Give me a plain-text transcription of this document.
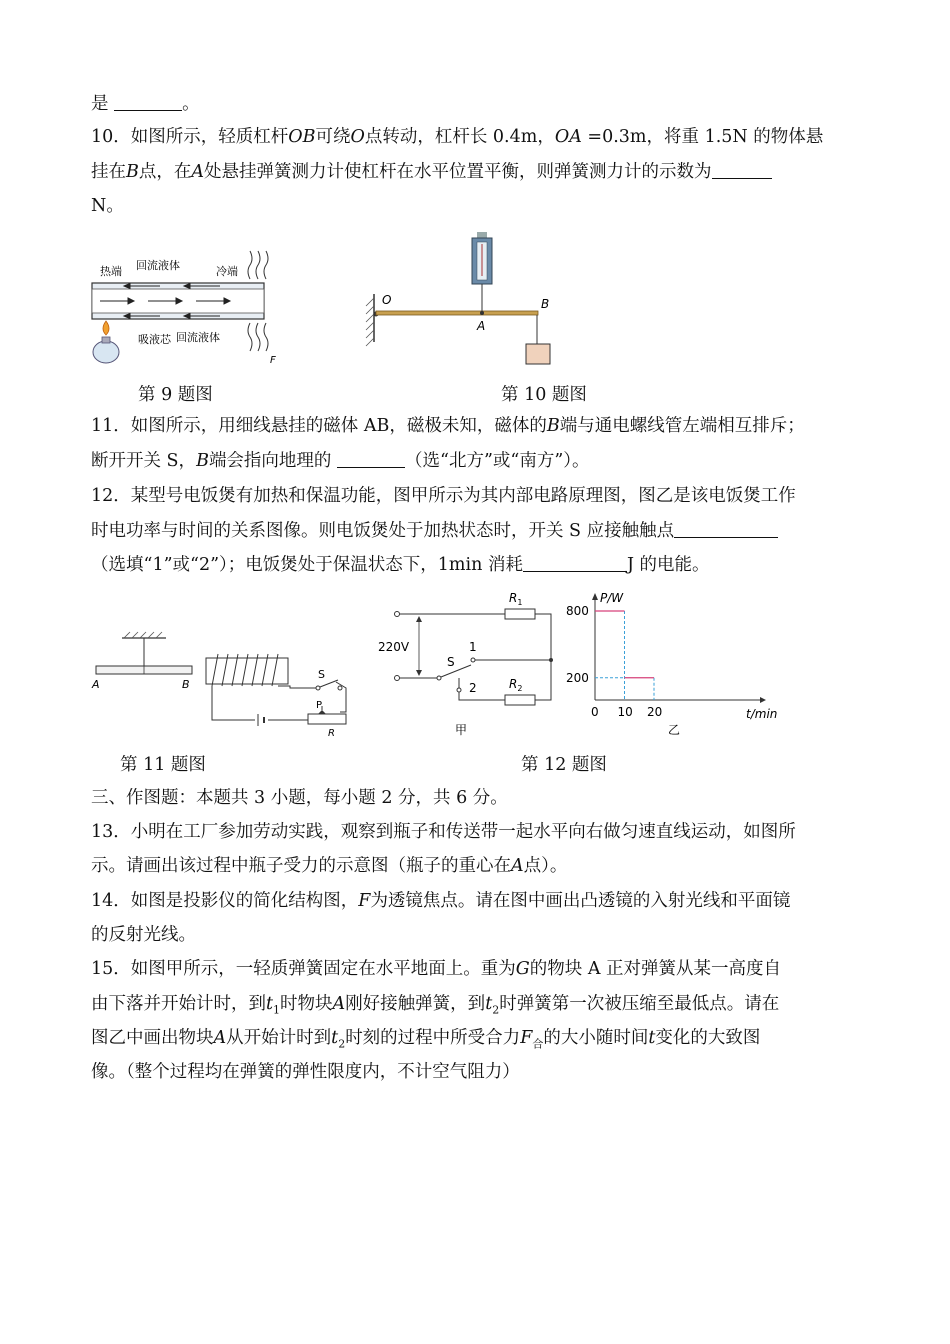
是	。
10．如图所示，轻质杠杆OB可绕O点转动，杠杆长 0.4m，OA =0.3m，将重 1.5N 的物体悬
挂在B点，在A处悬挂弹簧测力计使杠杆在水平位置平衡，则弹簧测力计的示数为
N。
热端 回流液体	冷端
吸液芯 回流液体
F
O
A
B
第 9 题图	第 10 题图
11．如图所示，用细线悬挂的磁体 AB，磁极未知，磁体的B端与通电螺线管左端相互排斥；
断开开关 S，B端会指向地理的	（选“北方”或“南方”）。
12．某型号电饭煲有加热和保温功能，图甲所示为其内部电路原理图，图乙是该电饭煲工作
时电功率与时间的关系图像。则电饭煲处于加热状态时，开关 S 应接触触点
（选填“1”或“2”）；电饭煲处于保温状态下，1min 消耗	J 的电能。
A	B
S
P
R
220V
$R_1$
$R_2$
S
1
2
甲
P/W
t/min
乙
0 10 20
200
800
第 11 题图	第 12 题图
三、作图题：本题共 3 小题，每小题 2 分，共 6 分。
13．小明在工厂参加劳动实践，观察到瓶子和传送带一起水平向右做匀速直线运动，如图所
示。请画出该过程中瓶子受力的示意图（瓶子的重心在A点）。
14．如图是投影仪的简化结构图，F为透镜焦点。请在图中画出凸透镜的入射光线和平面镜
的反射光线。
15．如图甲所示，一轻质弹簧固定在水平地面上。重为G的物块 A 正对弹簧从某一高度自
由下落并开始计时，到$t_1$时物块A刚好接触弹簧，到$t_2$时弹簧第一次被压缩至最低点。请在
图乙中画出物块A从开始计时到$t_2$时刻的过程中所受合力$F_合$的大小随时间t变化的大致图
像。（整个过程均在弹簧的弹性限度内，不计空气阻力）
